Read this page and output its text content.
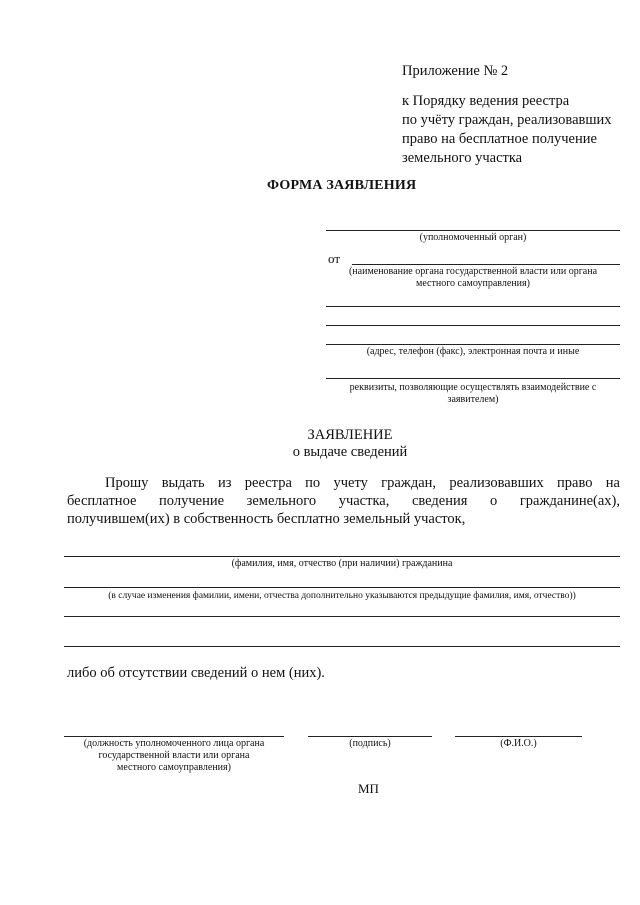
Приложение № 2
к Порядку ведения реестра
по учёту граждан, реализовавших
право на бесплатное получение
земельного участка
ФОРМА ЗАЯВЛЕНИЯ
(уполномоченный орган)
от
(наименование органа государственной власти или органа
местного самоуправления)
(адрес, телефон (факс), электронная почта и иные
реквизиты, позволяющие осуществлять взаимодействие с
заявителем)
ЗАЯВЛЕНИЕ
о выдаче сведений
Прошу выдать из реестра по учету граждан, реализовавших право на
бесплатное получение земельного участка, сведения о гражданине(ах),
получившем(их) в собственность бесплатно земельный участок,
(фамилия, имя, отчество (при наличии) гражданина
(в случае изменения фамилии, имени, отчества дополнительно указываются предыдущие фамилия, имя, отчество))
либо об отсутствии сведений о нем (них).
(должность уполномоченного лица органа
государственной власти или органа
местного самоуправления)
(подпись)	(Ф.И.О.)
МП
